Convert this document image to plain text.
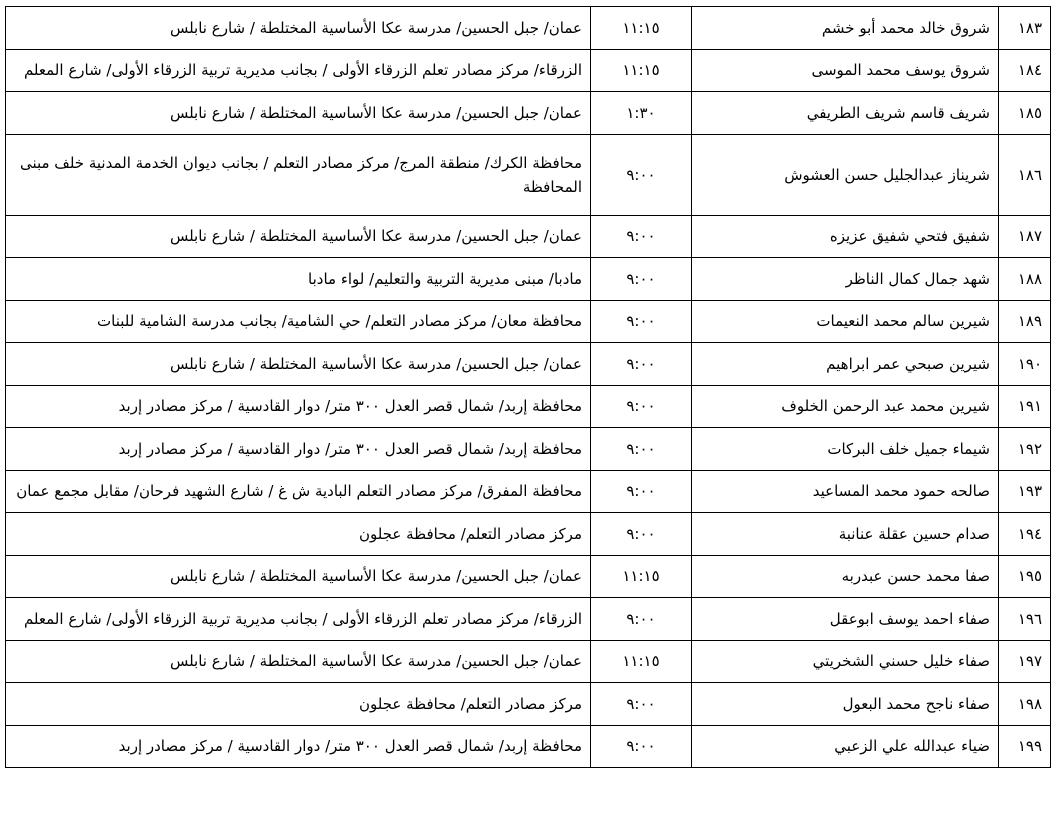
١٨٣	شروق خالد محمد أبو خشم	١١:١٥	عمان/ جبل الحسين/ مدرسة عكا الأساسية المختلطة / شارع نابلس
١٨٤	شروق يوسف محمد الموسى	١١:١٥	الزرقاء/ مركز مصادر تعلم الزرقاء الأولى / بجانب مديرية تربية الزرقاء الأولى/ شارع المعلم
١٨٥	شريف قاسم شريف الطريفي	١:٣٠	عمان/ جبل الحسين/ مدرسة عكا الأساسية المختلطة / شارع نابلس
١٨٦	شريناز عبدالجليل حسن العشوش	٩:٠٠	محافظة الكرك/ منطقة المرج/ مركز مصادر التعلم / بجانب ديوان الخدمة المدنية خلف مبنى المحافظة
١٨٧	شفيق فتحي شفيق عزيزه	٩:٠٠	عمان/ جبل الحسين/ مدرسة عكا الأساسية المختلطة / شارع نابلس
١٨٨	شهد جمال كمال الناظر	٩:٠٠	مادبا/ مبنى مديرية التربية والتعليم/ لواء مادبا
١٨٩	شيرين سالم محمد النعيمات	٩:٠٠	محافظة معان/ مركز مصادر التعلم/ حي الشامية/ بجانب مدرسة الشامية للبنات
١٩٠	شيرين صبحي عمر ابراهيم	٩:٠٠	عمان/ جبل الحسين/ مدرسة عكا الأساسية المختلطة / شارع نابلس
١٩١	شيرين محمد عبد الرحمن الخلوف	٩:٠٠	محافظة إربد/ شمال قصر العدل ٣٠٠ متر/ دوار القادسية / مركز مصادر إربد
١٩٢	شيماء جميل خلف البركات	٩:٠٠	محافظة إربد/ شمال قصر العدل ٣٠٠ متر/ دوار القادسية / مركز مصادر إربد
١٩٣	صالحه حمود محمد المساعيد	٩:٠٠	محافظة المفرق/ مركز مصادر التعلم البادية ش غ / شارع الشهيد فرحان/ مقابل مجمع عمان
١٩٤	صدام حسين عقلة عنانبة	٩:٠٠	مركز مصادر التعلم/ محافظة عجلون
١٩٥	صفا محمد حسن عبدربه	١١:١٥	عمان/ جبل الحسين/ مدرسة عكا الأساسية المختلطة / شارع نابلس
١٩٦	صفاء احمد يوسف ابوعقل	٩:٠٠	الزرقاء/ مركز مصادر تعلم الزرقاء الأولى / بجانب مديرية تربية الزرقاء الأولى/ شارع المعلم
١٩٧	صفاء خليل حسني الشخريتي	١١:١٥	عمان/ جبل الحسين/ مدرسة عكا الأساسية المختلطة / شارع نابلس
١٩٨	صفاء ناجح محمد البعول	٩:٠٠	مركز مصادر التعلم/ محافظة عجلون
١٩٩	ضياء عبدالله علي الزعبي	٩:٠٠	محافظة إربد/ شمال قصر العدل ٣٠٠ متر/ دوار القادسية / مركز مصادر إربد
